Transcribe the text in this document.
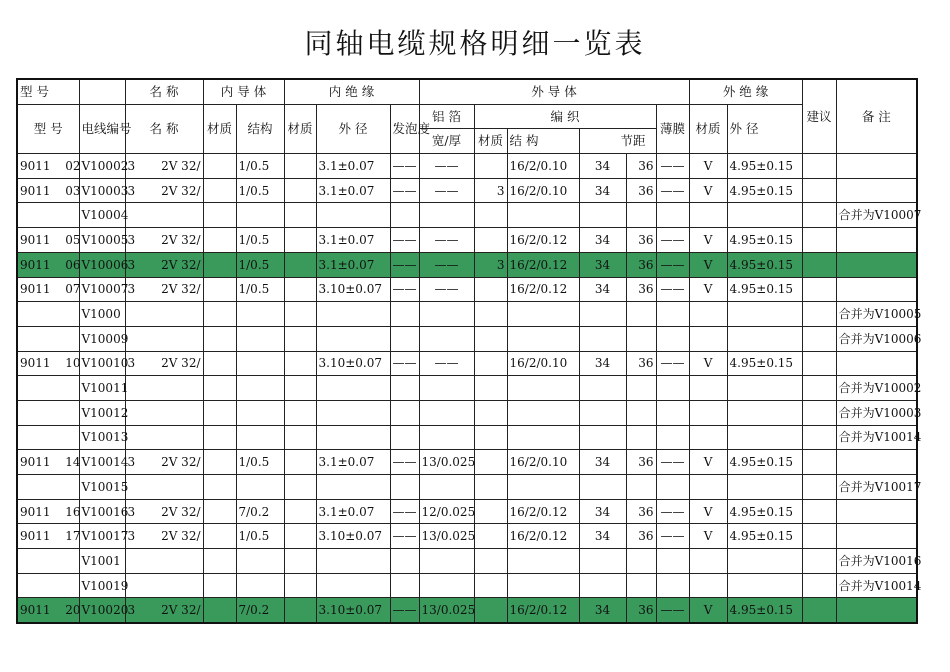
同轴电缆规格明细一览表
型 号		名 称	内 导 体		内 绝 缘			外 导 体						外 绝 缘		建议	备 注
型 号	电线编号	名 称	材质	结构	材质	外 径	发泡度	铝 箔	编 织				薄膜	材质	外 径		
								宽/厚	材质	结 构	节距						
9011 02	V10002	3 2V 32/		1/0.5		3.1±0.07	——	——		16/2/0.10	34	36	——	V	4.95±0.15		
9011 03	V10003	3 2V 32/		1/0.5		3.1±0.07	——	——	3	16/2/0.10	34	36	——	V	4.95±0.15		

	V10004																合并为V10007
9011 05	V10005	3 2V 32/		1/0.5		3.1±0.07	——	——		16/2/0.12	34	36	——	V	4.95±0.15		
9011 06	V10006	3 2V 32/		1/0.5		3.1±0.07	——	——	3	16/2/0.12	34	36	——	V	4.95±0.15		
9011 07	V10007	3 2V 32/		1/0.5		3.10±0.07	——	——		16/2/0.12	34	36	——	V	4.95±0.15		

	V1000																合并为V10005

	V10009																合并为V10006
9011 10	V10010	3 2V 32/				3.10±0.07	——	——		16/2/0.10	34	36	——	V	4.95±0.15		

	V10011																合并为V10002

	V10012																合并为V10003

	V10013																合并为V10014
9011 14	V10014	3 2V 32/		1/0.5		3.1±0.07	——	13/0.025		16/2/0.10	34	36	——	V	4.95±0.15		

	V10015																合并为V10017
9011 16	V10016	3 2V 32/		7/0.2		3.1±0.07	——	12/0.025		16/2/0.12	34	36	——	V	4.95±0.15		
9011 17	V10017	3 2V 32/		1/0.5		3.10±0.07	——	13/0.025		16/2/0.12	34	36	——	V	4.95±0.15		

	V1001																合并为V10016

	V10019																合并为V10014
9011 20	V10020	3 2V 32/		7/0.2		3.10±0.07	——	13/0.025		16/2/0.12	34	36	——	V	4.95±0.15		
